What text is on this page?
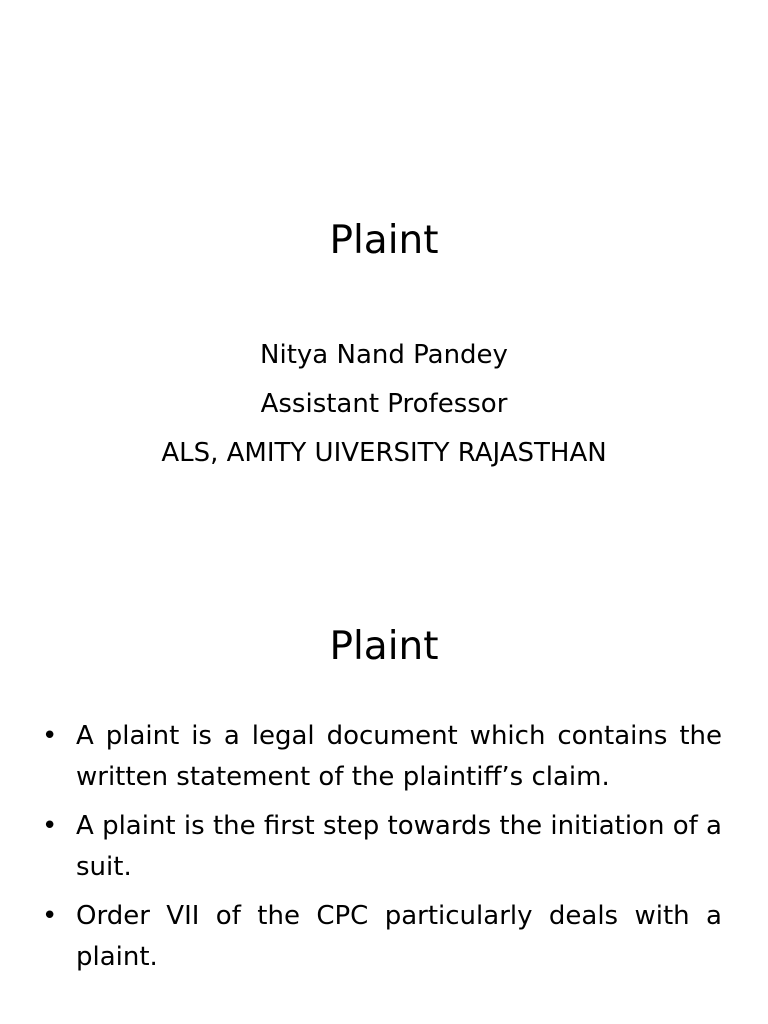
Plaint
Nitya Nand Pandey
Assistant Professor
ALS, AMITY UIVERSITY RAJASTHAN
Plaint
• A plaint is a legal document which contains the written statement of the plaintiff’s claim.
• A plaint is the first step towards the initiation of a suit.
• Order VII of the CPC particularly deals with a plaint.
